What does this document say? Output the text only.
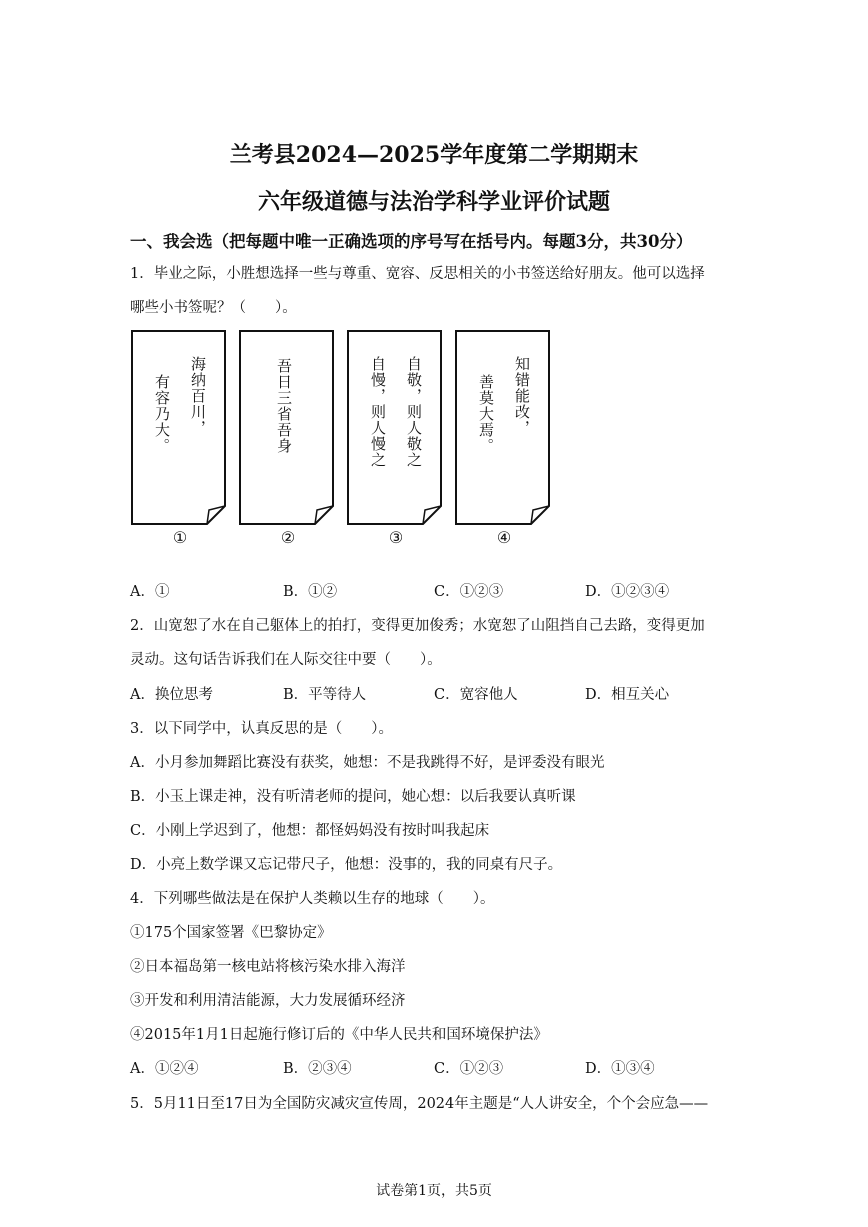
兰考县2024—2025学年度第二学期期末
六年级道德与法治学科学业评价试题
一、我会选（把每题中唯一正确选项的序号写在括号内。每题3分，共30分）
1．毕业之际，小胜想选择一些与尊重、宽容、反思相关的小书签送给好朋友。他可以选择
哪些小书签呢？（　　）。
海纳百川，
有容乃大。	吾日三省吾身	自敬，则人敬之
自慢，则人慢之	知错能改，
善莫大焉。
①	②	③	④
A．①	B．①②	C．①②③	D．①②③④
2．山宽恕了水在自己躯体上的拍打，变得更加俊秀；水宽恕了山阻挡自己去路，变得更加
灵动。这句话告诉我们在人际交往中要（　　）。
A．换位思考	B．平等待人	C．宽容他人	D．相互关心
3．以下同学中，认真反思的是（　　）。
A．小月参加舞蹈比赛没有获奖，她想：不是我跳得不好，是评委没有眼光
B．小玉上课走神，没有听清老师的提问，她心想：以后我要认真听课
C．小刚上学迟到了，他想：都怪妈妈没有按时叫我起床
D．小亮上数学课又忘记带尺子，他想：没事的，我的同桌有尺子。
4．下列哪些做法是在保护人类赖以生存的地球（　　）。
①175个国家签署《巴黎协定》
②日本福岛第一核电站将核污染水排入海洋
③开发和利用清洁能源，大力发展循环经济
④2015年1月1日起施行修订后的《中华人民共和国环境保护法》
A．①②④	B．②③④	C．①②③	D．①③④
5．5月11日至17日为全国防灾减灾宣传周，2024年主题是“人人讲安全，个个会应急——
试卷第1页，共5页
